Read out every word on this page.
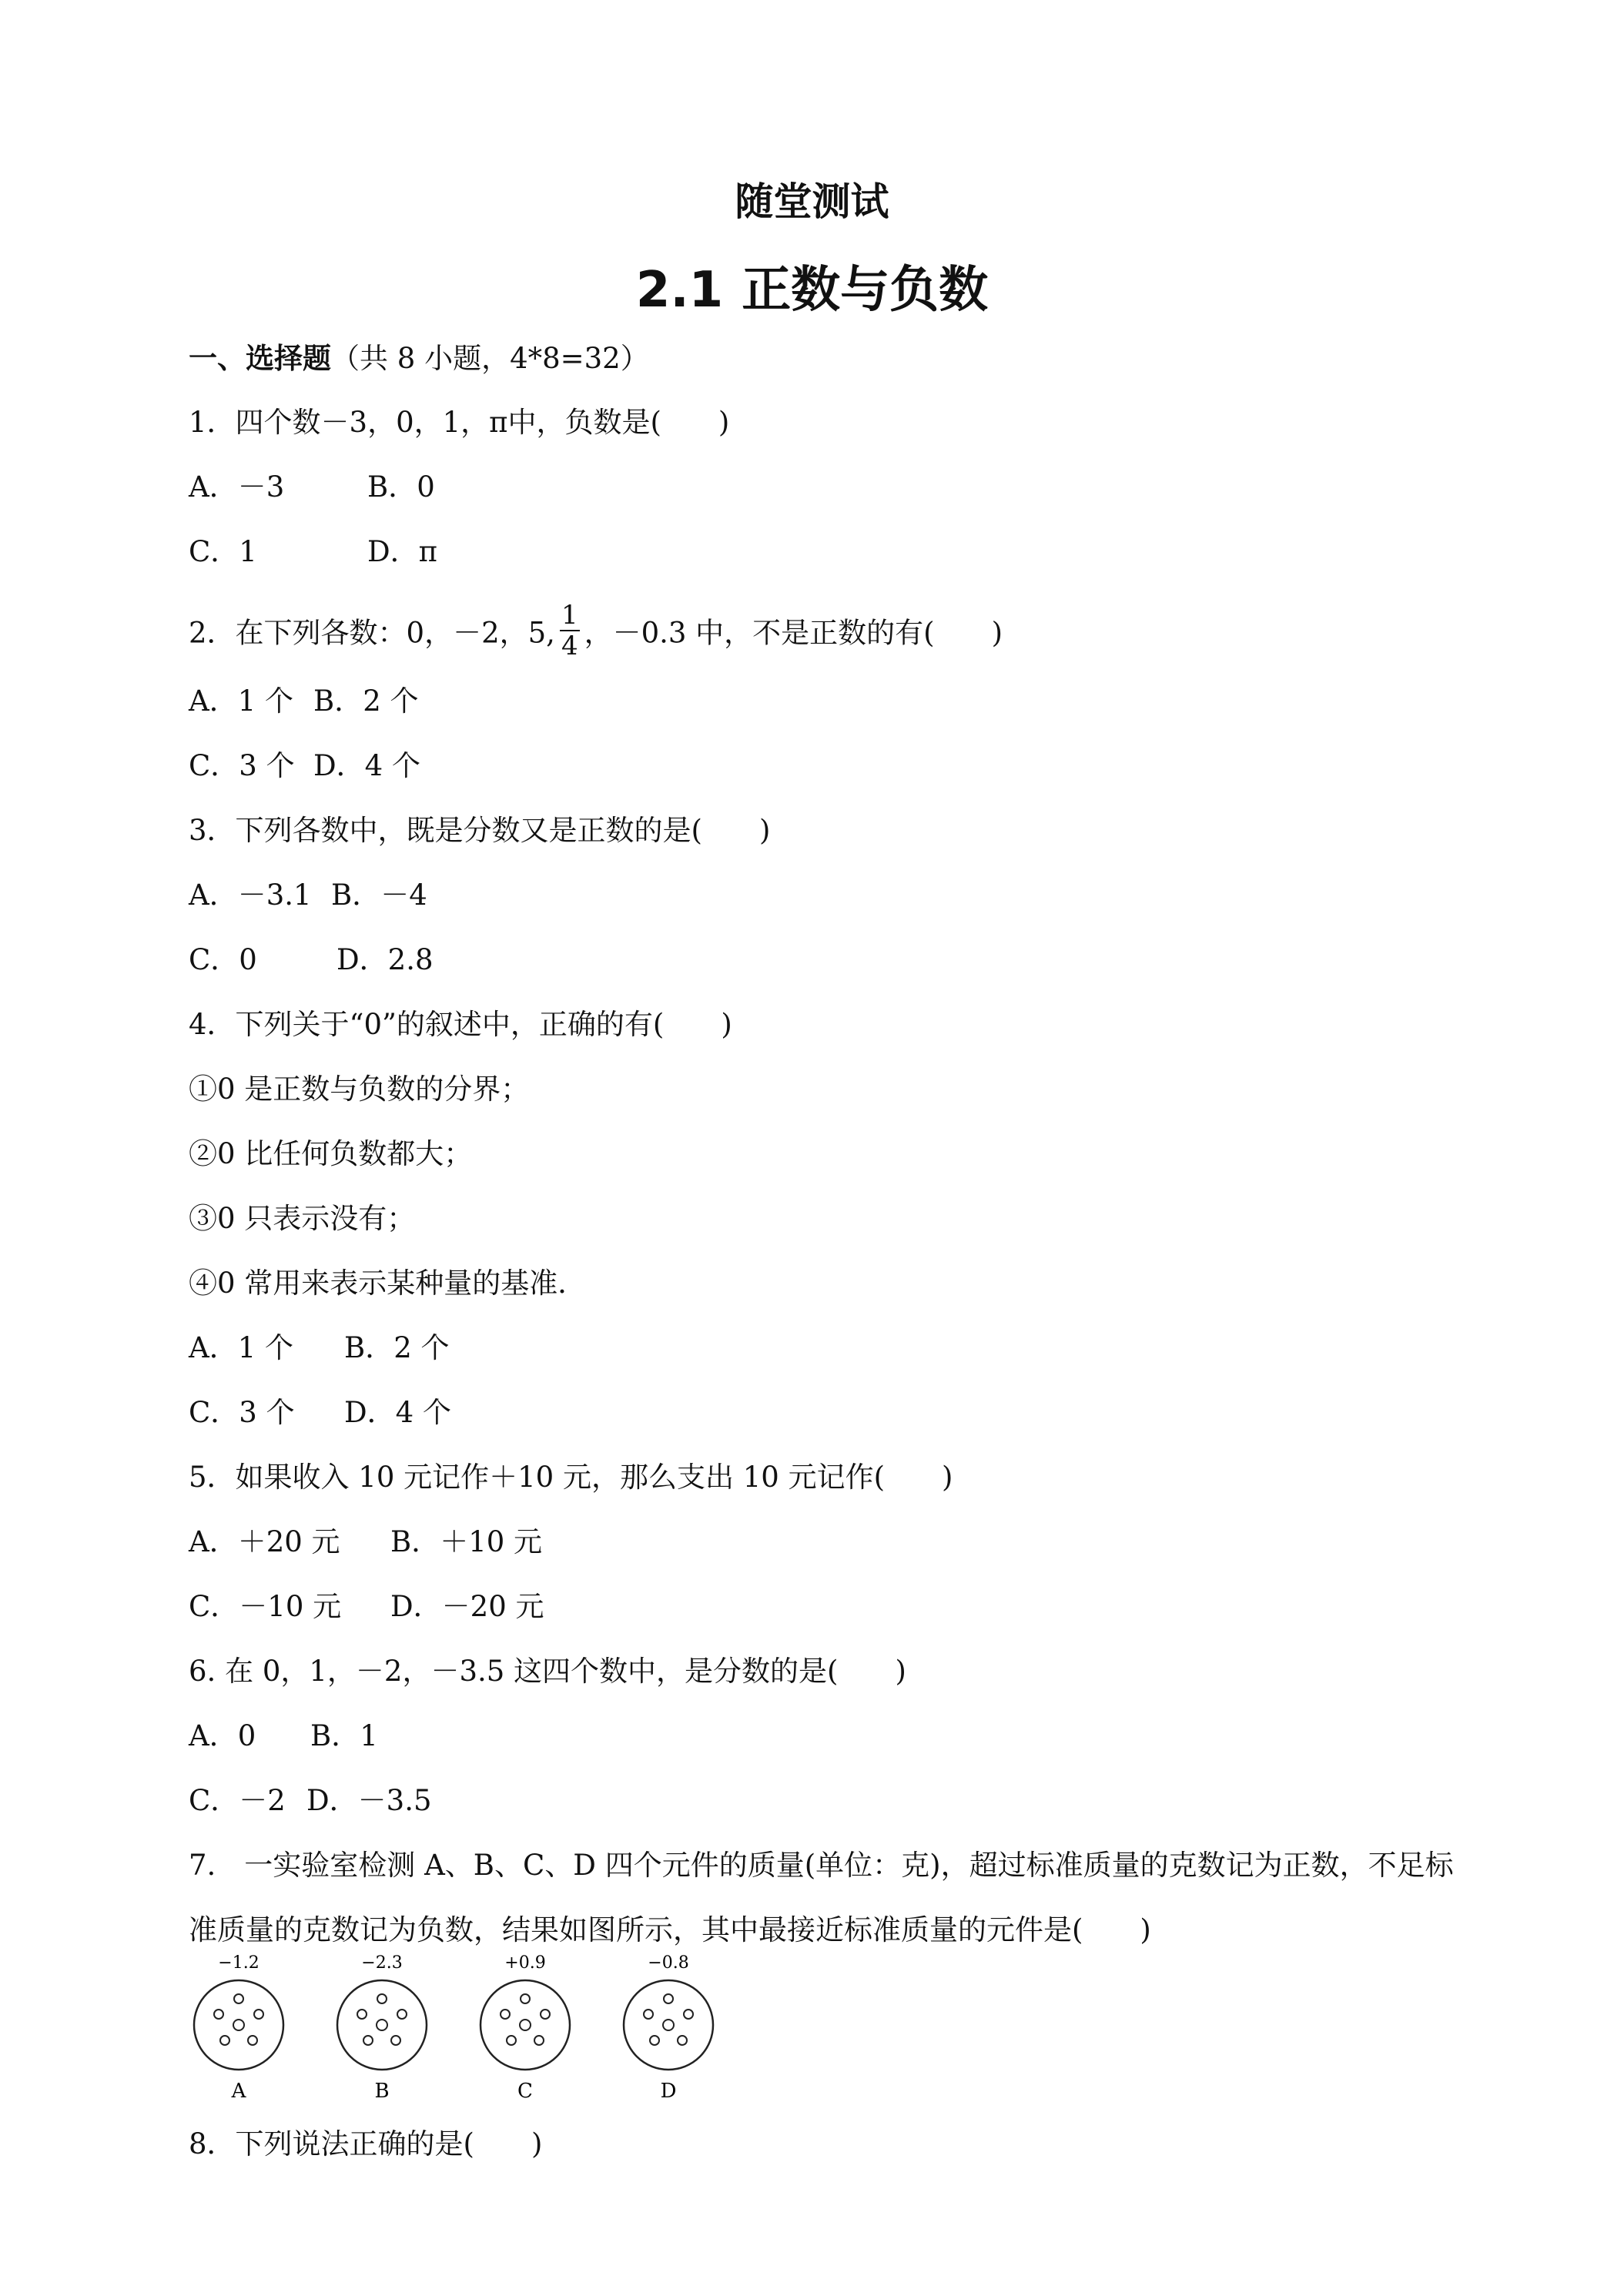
随堂测试
2.1 正数与负数
一、选择题（共 8 小题，4*8=32）
1．四个数－3，0，1，π中，负数是(　　)
A．－3	B．0
C．1	D．π
2．在下列各数：0，－2，5, $\frac{1}{4}$ ，－0.3 中，不是正数的有(　　)
A．1 个 B．2 个
C．3 个 D．4 个
3．下列各数中，既是分数又是正数的是(　　)
A．－3.1 B．－4
C．0	D．2.8
4．下列关于“0”的叙述中，正确的有(　　)
①0 是正数与负数的分界；
②0 比任何负数都大；
③0 只表示没有；
④0 常用来表示某种量的基准．
A．1 个 B．2 个
C．3 个 D．4 个
5．如果收入 10 元记作＋10 元，那么支出 10 元记作(　　)
A．＋20 元 B．＋10 元
C．－10 元 D．－20 元
6. 在 0，1，－2，－3.5 这四个数中，是分数的是(　　)
A．0 B．1
C．－2 D．－3.5
7.　一实验室检测 A、B、C、D 四个元件的质量(单位：克)，超过标准质量的克数记为正数，不足标
准质量的克数记为负数，结果如图所示，其中最接近标准质量的元件是(　　)
−1.2
A
−2.3
B
+0.9
C
−0.8
D
8．下列说法正确的是(　　)
